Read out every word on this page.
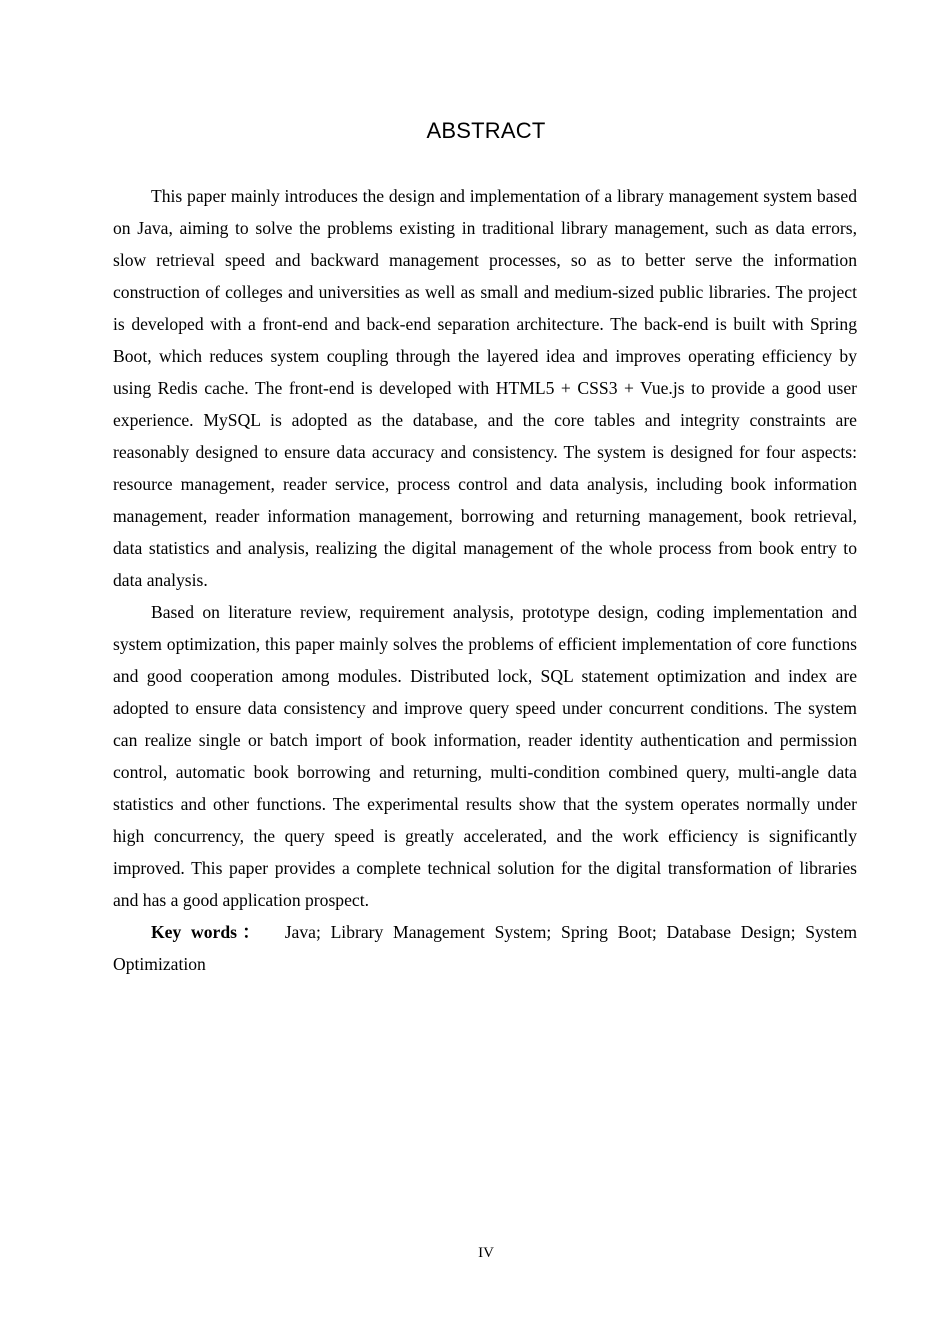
ABSTRACT

This paper mainly introduces the design and implementation of a library management system based on Java, aiming to solve the problems existing in traditional library management, such as data errors, slow retrieval speed and backward management processes, so as to better serve the information construction of colleges and universities as well as small and medium-sized public libraries. The project is developed with a front-end and back-end separation architecture. The back-end is built with Spring Boot, which reduces system coupling through the layered idea and improves operating efficiency by using Redis cache. The front-end is developed with HTML5 + CSS3 + Vue.js to provide a good user experience. MySQL is adopted as the database, and the core tables and integrity constraints are reasonably designed to ensure data accuracy and consistency. The system is designed for four aspects: resource management, reader service, process control and data analysis, including book information management, reader information management, borrowing and returning management, book retrieval, data statistics and analysis, realizing the digital management of the whole process from book entry to data analysis.

Based on literature review, requirement analysis, prototype design, coding implementation and system optimization, this paper mainly solves the problems of efficient implementation of core functions and good cooperation among modules. Distributed lock, SQL statement optimization and index are adopted to ensure data consistency and improve query speed under concurrent conditions. The system can realize single or batch import of book information, reader identity authentication and permission control, automatic book borrowing and returning, multi-condition combined query, multi-angle data statistics and other functions. The experimental results show that the system operates normally under high concurrency, the query speed is greatly accelerated, and the work efficiency is significantly improved. This paper provides a complete technical solution for the digital transformation of libraries and has a good application prospect.

Key words： Java; Library Management System; Spring Boot; Database Design; System Optimization

IV
